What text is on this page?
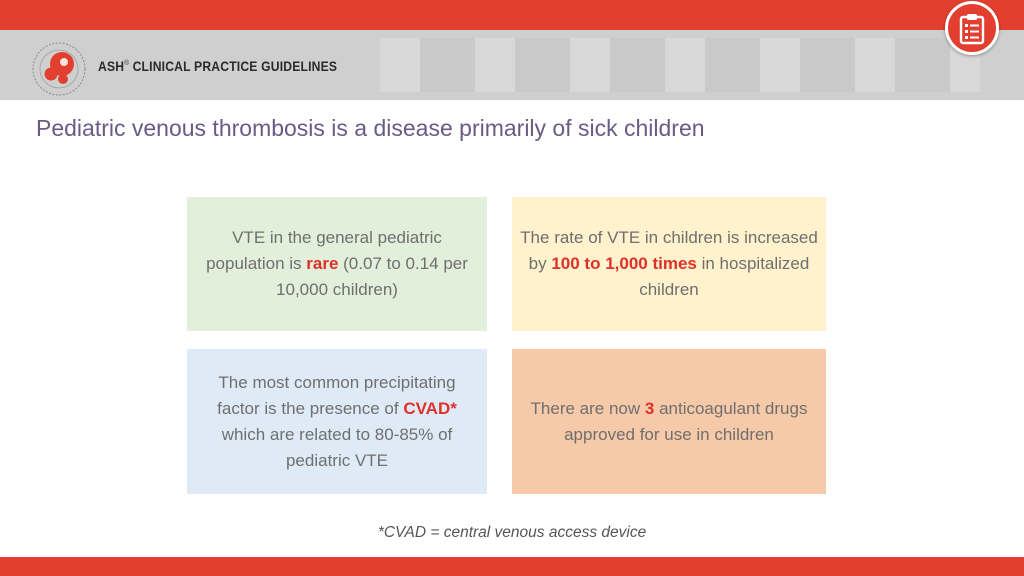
ASH® CLINICAL PRACTICE GUIDELINES
Pediatric venous thrombosis is a disease primarily of sick children
VTE in the general pediatric population is rare (0.07 to 0.14 per 10,000 children)
The rate of VTE in children is increased by 100 to 1,000 times in hospitalized children
The most common precipitating factor is the presence of CVAD* which are related to 80-85% of pediatric VTE
There are now 3 anticoagulant drugs approved for use in children
*CVAD = central venous access device
